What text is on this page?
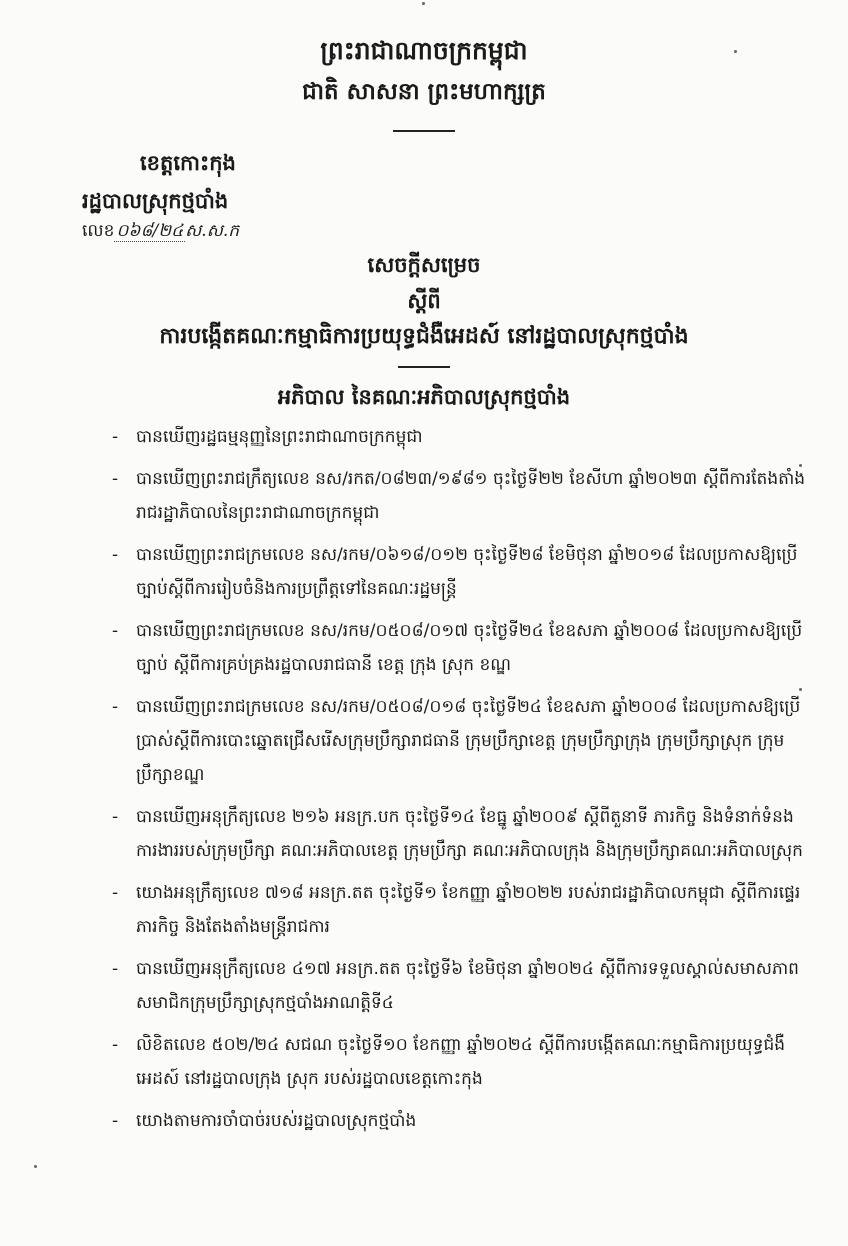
ព្រះរាជាណាចក្រកម្ពុជា
ជាតិ សាសនា ព្រះមហាក្សត្រ
ខេត្តកោះកុង
រដ្ឋបាលស្រុកថ្មបាំង
លេខ ០៦៨/២៤ ស.ស.ក
សេចក្តីសម្រេច
ស្តីពី
ការបង្កើតគណៈកម្មាធិការប្រយុទ្ធជំងឺអេដស៍ នៅរដ្ឋបាលស្រុកថ្មបាំង
អភិបាល នៃគណៈអភិបាលស្រុកថ្មបាំង
-	បានឃើញរដ្ឋធម្មនុញ្ញនៃព្រះរាជាណាចក្រកម្ពុជា
-	បានឃើញព្រះរាជក្រឹត្យលេខ នស/រកត/០៨២៣/១៩៨១ ចុះថ្ងៃទី២២ ខែសីហា ឆ្នាំ២០២៣ ស្តីពីការតែងតាំងរាជរដ្ឋាភិបាលនៃព្រះរាជាណាចក្រកម្ពុជា
-	បានឃើញព្រះរាជក្រមលេខ នស/រកម/០៦១៨/០១២ ចុះថ្ងៃទី២៨ ខែមិថុនា ឆ្នាំ២០១៨ ដែលប្រកាសឱ្យប្រើច្បាប់ស្តីពីការរៀបចំនិងការប្រព្រឹត្តទៅនៃគណៈរដ្ឋមន្ត្រី
-	បានឃើញព្រះរាជក្រមលេខ នស/រកម/០៥០៨/០១៧ ចុះថ្ងៃទី២៤ ខែឧសភា ឆ្នាំ២០០៨ ដែលប្រកាសឱ្យប្រើច្បាប់ ស្តីពីការគ្រប់គ្រងរដ្ឋបាលរាជធានី ខេត្ត ក្រុង ស្រុក ខណ្ឌ
-	បានឃើញព្រះរាជក្រមលេខ នស/រកម/០៥០៨/០១៨ ចុះថ្ងៃទី២៤ ខែឧសភា ឆ្នាំ២០០៨ ដែលប្រកាសឱ្យប្រើប្រាស់ស្តីពីការបោះឆ្នោតជ្រើសរើសក្រុមប្រឹក្សារាជធានី ក្រុមប្រឹក្សាខេត្ត ក្រុមប្រឹក្សាក្រុង ក្រុមប្រឹក្សាស្រុក ក្រុមប្រឹក្សាខណ្ឌ
-	បានឃើញអនុក្រឹត្យលេខ ២១៦ អនក្រ.បក ចុះថ្ងៃទី១៤ ខែធ្នូ ឆ្នាំ២០០៩ ស្តីពីតួនាទី ភារកិច្ច និងទំនាក់ទំនងការងាររបស់ក្រុមប្រឹក្សា គណៈអភិបាលខេត្ត ក្រុមប្រឹក្សា គណៈអភិបាលក្រុង និងក្រុមប្រឹក្សាគណៈអភិបាលស្រុក
-	យោងអនុក្រឹត្យលេខ ៧១៨ អនក្រ.តត ចុះថ្ងៃទី១ ខែកញ្ញា ឆ្នាំ២០២២ របស់រាជរដ្ឋាភិបាលកម្ពុជា ស្តីពីការផ្ទេរភារកិច្ច និងតែងតាំងមន្ត្រីរាជការ
-	បានឃើញអនុក្រឹត្យលេខ ៤១៧ អនក្រ.តត ចុះថ្ងៃទី៦ ខែមិថុនា ឆ្នាំ២០២៤ ស្តីពីការទទួលស្គាល់សមាសភាពសមាជិកក្រុមប្រឹក្សាស្រុកថ្មបាំងអាណត្តិទី៤
-	លិខិតលេខ ៥០២/២៤ សជណ ចុះថ្ងៃទី១០ ខែកញ្ញា ឆ្នាំ២០២៤ ស្តីពីការបង្កើតគណៈកម្មាធិការប្រយុទ្ធជំងឺអេដស៍ នៅរដ្ឋបាលក្រុង ស្រុក របស់រដ្ឋបាលខេត្តកោះកុង
-	យោងតាមការចាំបាច់របស់រដ្ឋបាលស្រុកថ្មបាំង
